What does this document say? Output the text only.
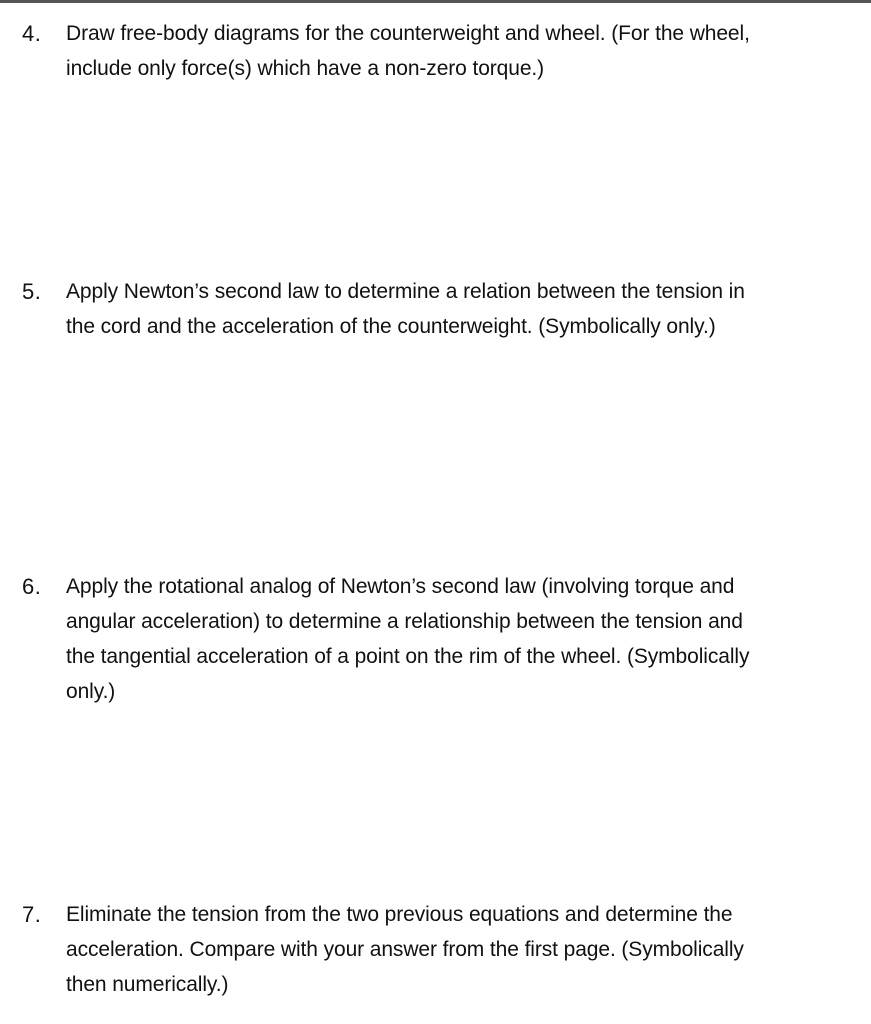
4. Draw free-body diagrams for the counterweight and wheel. (For the wheel,
include only force(s) which have a non-zero torque.)

5. Apply Newton’s second law to determine a relation between the tension in
the cord and the acceleration of the counterweight. (Symbolically only.)

6. Apply the rotational analog of Newton’s second law (involving torque and
angular acceleration) to determine a relationship between the tension and
the tangential acceleration of a point on the rim of the wheel. (Symbolically
only.)

7. Eliminate the tension from the two previous equations and determine the
acceleration. Compare with your answer from the first page. (Symbolically
then numerically.)
